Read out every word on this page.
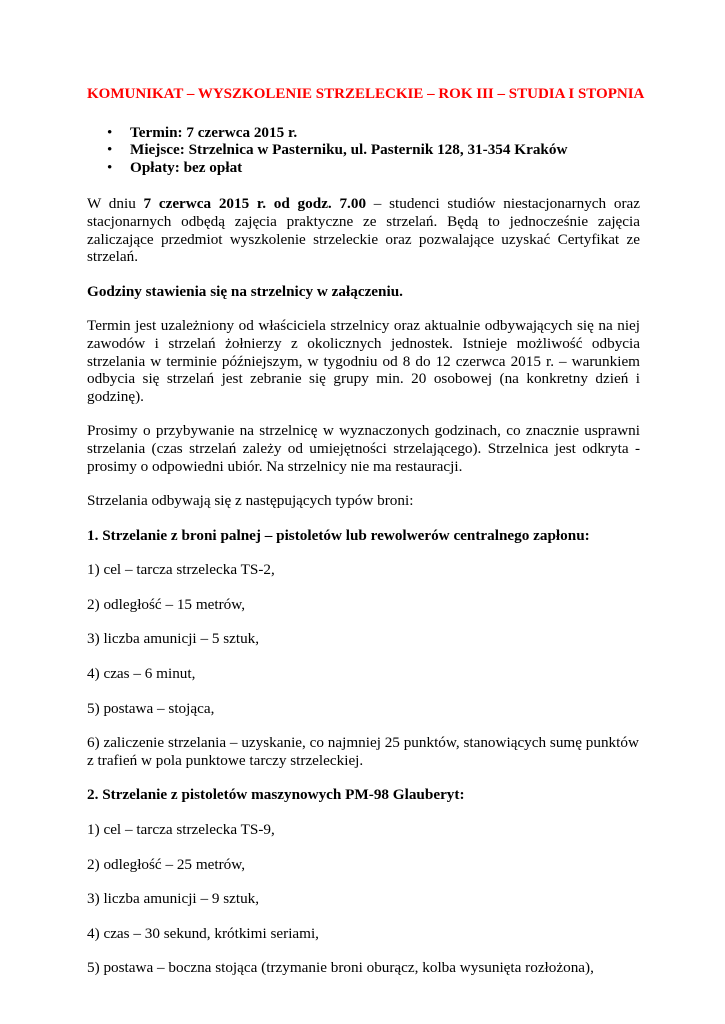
KOMUNIKAT – WYSZKOLENIE STRZELECKIE – ROK III – STUDIA I STOPNIA
• Termin: 7 czerwca 2015 r.
• Miejsce: Strzelnica w Pasterniku, ul. Pasternik 128, 31-354 Kraków
• Opłaty: bez opłat

W dniu 7 czerwca 2015 r. od godz. 7.00 – studenci studiów niestacjonarnych oraz stacjonarnych odbędą zajęcia praktyczne ze strzelań. Będą to jednocześnie zajęcia zaliczające przedmiot wyszkolenie strzeleckie oraz pozwalające uzyskać Certyfikat ze strzelań.

Godziny stawienia się na strzelnicy w załączeniu.

Termin jest uzależniony od właściciela strzelnicy oraz aktualnie odbywających się na niej zawodów i strzelań żołnierzy z okolicznych jednostek. Istnieje możliwość odbycia strzelania w terminie późniejszym, w tygodniu od 8 do 12 czerwca 2015 r. – warunkiem odbycia się strzelań jest zebranie się grupy min. 20 osobowej (na konkretny dzień i godzinę).

Prosimy o przybywanie na strzelnicę w wyznaczonych godzinach, co znacznie usprawni strzelania (czas strzelań zależy od umiejętności strzelającego). Strzelnica jest odkryta - prosimy o odpowiedni ubiór. Na strzelnicy nie ma restauracji.

Strzelania odbywają się z następujących typów broni:

1. Strzelanie z broni palnej – pistoletów lub rewolwerów centralnego zapłonu:

1) cel – tarcza strzelecka TS-2,
2) odległość – 15 metrów,
3) liczba amunicji – 5 sztuk,
4) czas – 6 minut,
5) postawa – stojąca,
6) zaliczenie strzelania – uzyskanie, co najmniej 25 punktów, stanowiących sumę punktów z trafień w pola punktowe tarczy strzeleckiej.

2. Strzelanie z pistoletów maszynowych PM-98 Glauberyt:

1) cel – tarcza strzelecka TS-9,
2) odległość – 25 metrów,
3) liczba amunicji – 9 sztuk,
4) czas – 30 sekund, krótkimi seriami,
5) postawa – boczna stojąca (trzymanie broni oburącz, kolba wysunięta rozłożona),
